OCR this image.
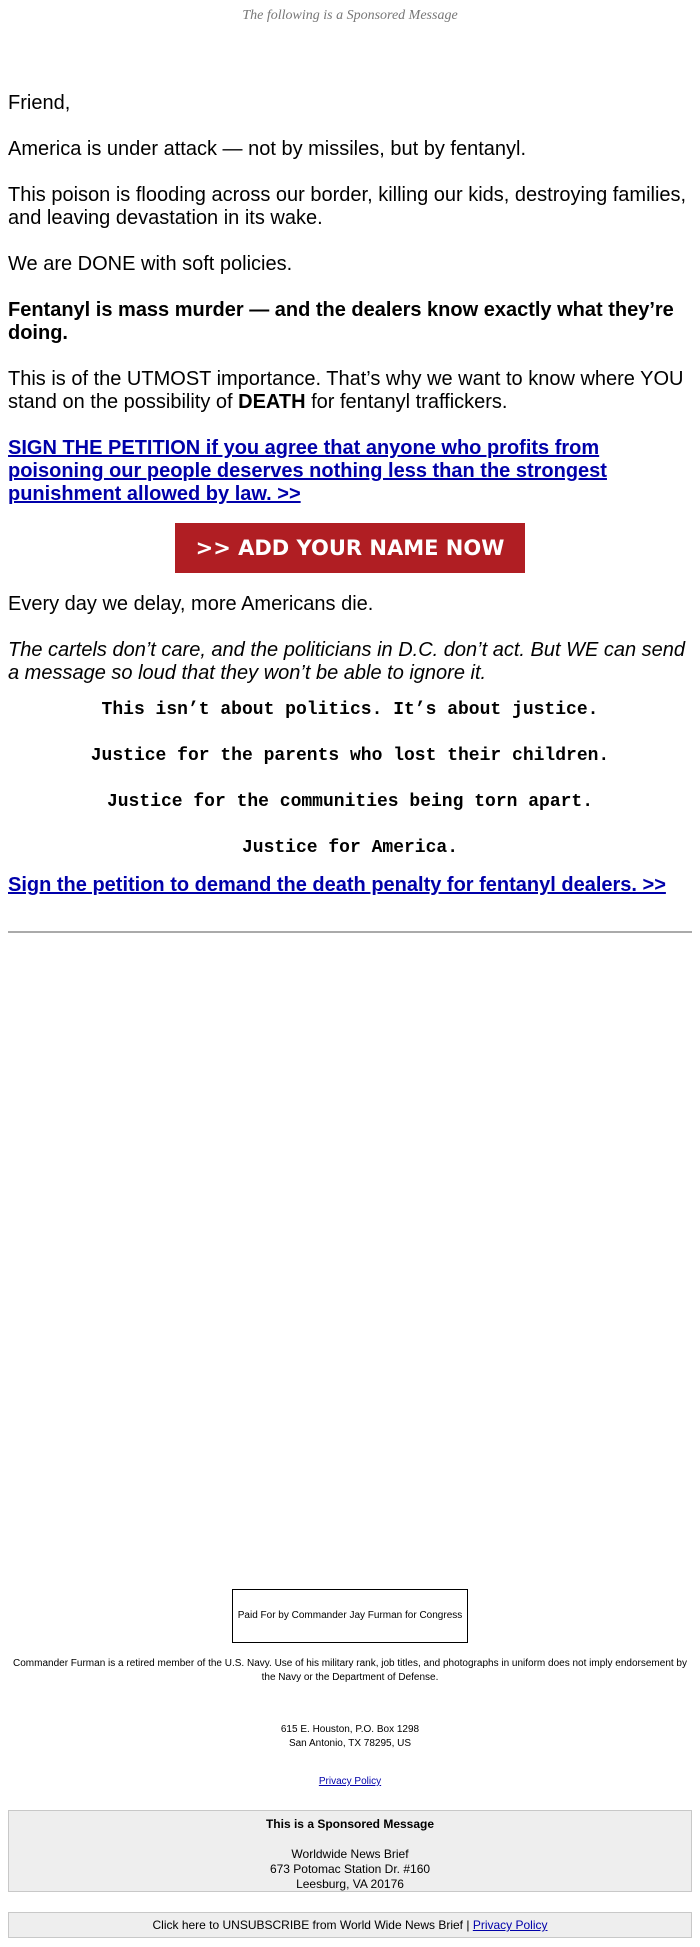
The following is a Sponsored Message

Friend,

America is under attack — not by missiles, but by fentanyl.

This poison is flooding across our border, killing our kids, destroying families, and leaving devastation in its wake.

We are DONE with soft policies.

Fentanyl is mass murder — and the dealers know exactly what they’re doing.

This is of the UTMOST importance. That’s why we want to know where YOU stand on the possibility of DEATH for fentanyl traffickers.

SIGN THE PETITION if you agree that anyone who profits from poisoning our people deserves nothing less than the strongest punishment allowed by law. >>
>> ADD YOUR NAME NOW

Every day we delay, more Americans die.

The cartels don’t care, and the politicians in D.C. don’t act. But WE can send a message so loud that they won’t be able to ignore it.

This isn’t about politics. It’s about justice.

Justice for the parents who lost their children.

Justice for the communities being torn apart.

Justice for America.

Sign the petition to demand the death penalty for fentanyl dealers. >>
Paid For by Commander Jay Furman for Congress
Commander Furman is a retired member of the U.S. Navy. Use of his military rank, job titles, and photographs in uniform does not imply endorsement by the Navy or the Department of Defense.
615 E. Houston, P.O. Box 1298
San Antonio, TX 78295, US
Privacy Policy
This is a Sponsored Message
Worldwide News Brief
673 Potomac Station Dr. #160
Leesburg, VA 20176
Click here to UNSUBSCRIBE from World Wide News Brief | Privacy Policy
